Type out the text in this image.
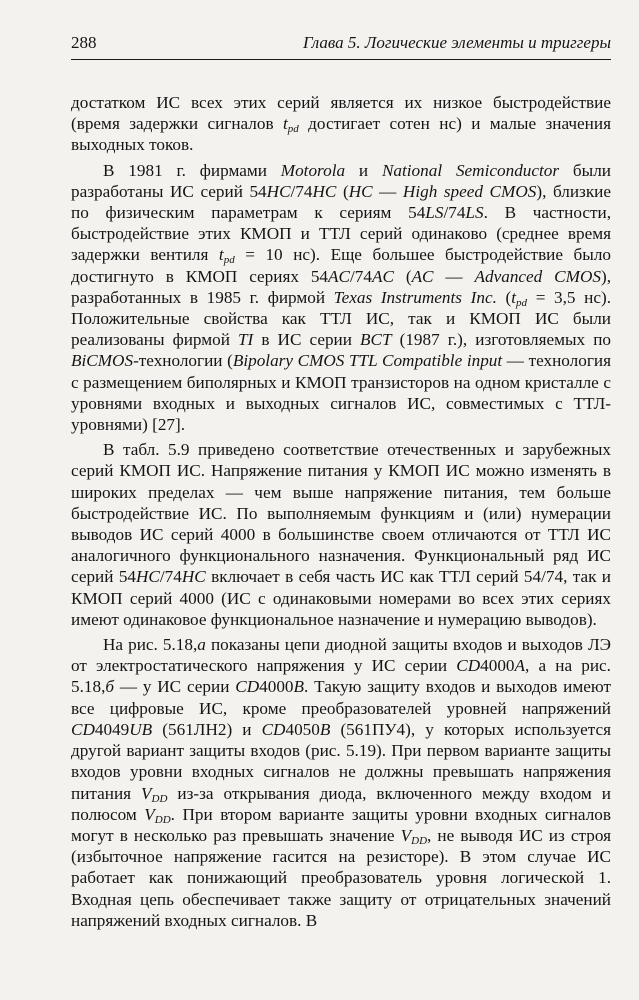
288	Глава 5. Логические элементы и триггеры

достатком ИС всех этих серий является их низкое быстродействие (время задержки сигналов $t_{pd}$ достигает сотен нс) и малые значения выходных токов.

В 1981 г. фирмами Motorola и National Semiconductor были разработаны ИС серий 54HC/74HC (HC — High speed CMOS), близкие по физическим параметрам к сериям 54LS/74LS. В частности, быстродействие этих КМОП и ТТЛ серий одинаково (среднее время задержки вентиля $t_{pd} = 10$ нс). Еще большее быстродействие было достигнуто в КМОП сериях 54AC/74AC (AC — Advanced CMOS), разработанных в 1985 г. фирмой Texas Instruments Inc. ($t_{pd} = 3,5$ нс). Положительные свойства как ТТЛ ИС, так и КМОП ИС были реализованы фирмой TI в ИС серии BCT (1987 г.), изготовляемых по BiCMOS-технологии (Bipolary CMOS TTL Compatible input — технология с размещением биполярных и КМОП транзисторов на одном кристалле с уровнями входных и выходных сигналов ИС, совместимых с ТТЛ-уровнями) [27].

В табл. 5.9 приведено соответствие отечественных и зарубежных серий КМОП ИС. Напряжение питания у КМОП ИС можно изменять в широких пределах — чем выше напряжение питания, тем больше быстродействие ИС. По выполняемым функциям и (или) нумерации выводов ИС серий 4000 в большинстве своем отличаются от ТТЛ ИС аналогичного функционального назначения. Функциональный ряд ИС серий 54HC/74HC включает в себя часть ИС как ТТЛ серий 54/74, так и КМОП серий 4000 (ИС с одинаковыми номерами во всех этих сериях имеют одинаковое функциональное назначение и нумерацию выводов).

На рис. 5.18,а показаны цепи диодной защиты входов и выходов ЛЭ от электростатического напряжения у ИС серии CD4000A, а на рис. 5.18,б — у ИС серии CD4000B. Такую защиту входов и выходов имеют все цифровые ИС, кроме преобразователей уровней напряжений CD4049UB (561ЛН2) и CD4050B (561ПУ4), у которых используется другой вариант защиты входов (рис. 5.19). При первом варианте защиты входов уровни входных сигналов не должны превышать напряжения питания $V_{DD}$ из-за открывания диода, включенного между входом и полюсом $V_{DD}$. При втором варианте защиты уровни входных сигналов могут в несколько раз превышать значение $V_{DD}$, не выводя ИС из строя (избыточное напряжение гасится на резисторе). В этом случае ИС работает как понижающий преобразователь уровня логической 1. Входная цепь обеспечивает также защиту от отрицательных значений напряжений входных сигналов. В
